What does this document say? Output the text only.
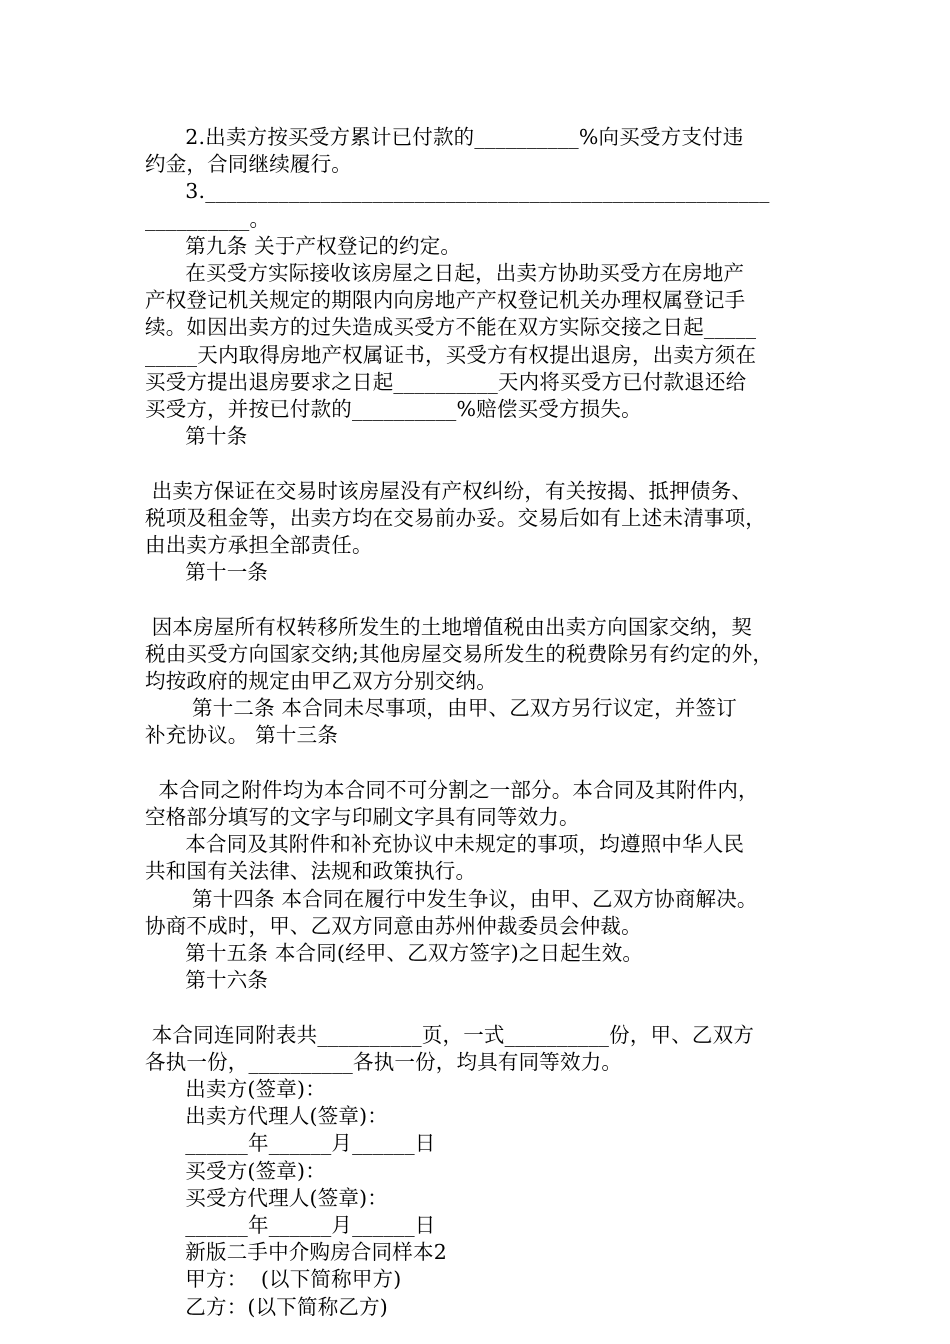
2.出卖方按买受方累计已付款的__________%向买受方支付违
约金，合同继续履行。
3.______________________________________________________
__________。
第九条 关于产权登记的约定。
在买受方实际接收该房屋之日起，出卖方协助买受方在房地产
产权登记机关规定的期限内向房地产产权登记机关办理权属登记手
续。如因出卖方的过失造成买受方不能在双方实际交接之日起_____
_____天内取得房地产权属证书，买受方有权提出退房，出卖方须在
买受方提出退房要求之日起__________天内将买受方已付款退还给
买受方，并按已付款的__________%赔偿买受方损失。
第十条
出卖方保证在交易时该房屋没有产权纠纷，有关按揭、抵押债务、
税项及租金等，出卖方均在交易前办妥。交易后如有上述未清事项，
由出卖方承担全部责任。
第十一条
因本房屋所有权转移所发生的土地增值税由出卖方向国家交纳，契
税由买受方向国家交纳;其他房屋交易所发生的税费除另有约定的外，
均按政府的规定由甲乙双方分别交纳。
第十二条 本合同未尽事项，由甲、乙双方另行议定，并签订
补充协议。 第十三条
本合同之附件均为本合同不可分割之一部分。本合同及其附件内，
空格部分填写的文字与印刷文字具有同等效力。
本合同及其附件和补充协议中未规定的事项，均遵照中华人民
共和国有关法律、法规和政策执行。
第十四条 本合同在履行中发生争议，由甲、乙双方协商解决。
协商不成时，甲、乙双方同意由苏州仲裁委员会仲裁。
第十五条 本合同(经甲、乙双方签字)之日起生效。
第十六条
本合同连同附表共__________页，一式__________份，甲、乙双方
各执一份，__________各执一份，均具有同等效力。
出卖方(签章)：
出卖方代理人(签章)：
______年______月______日
买受方(签章)：
买受方代理人(签章)：
______年______月______日
新版二手中介购房合同样本2
甲方：  (以下简称甲方)
乙方：(以下简称乙方)
